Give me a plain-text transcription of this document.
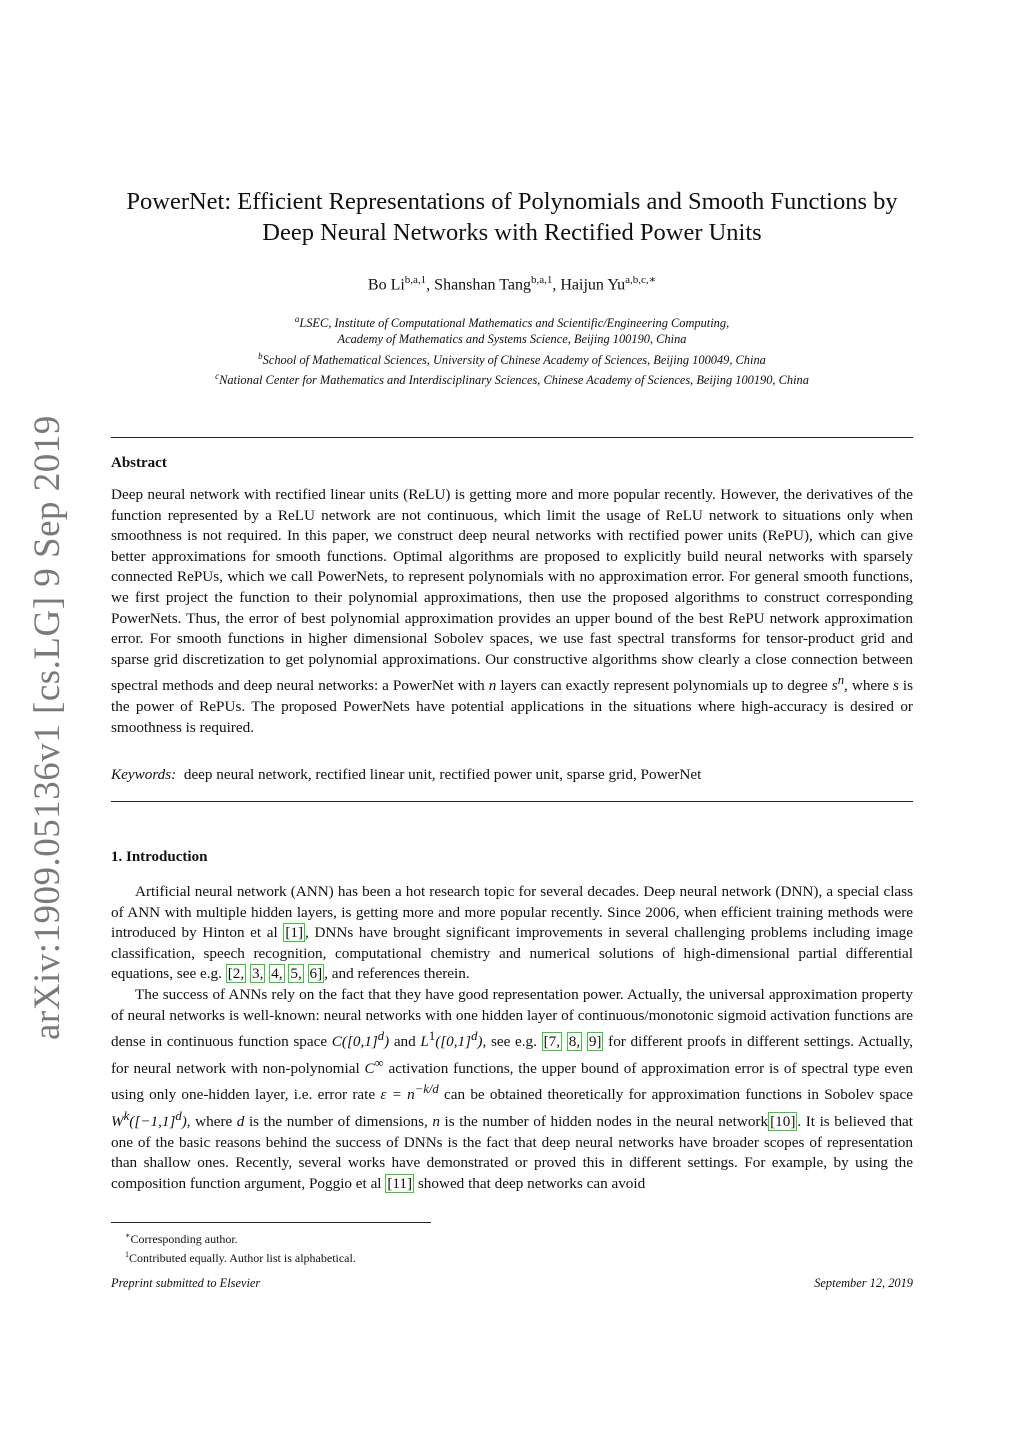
arXiv:1909.05136v1 [cs.LG] 9 Sep 2019
PowerNet: Efficient Representations of Polynomials and Smooth Functions by
Deep Neural Networks with Rectified Power Units
Bo Li$^{b,a,1}$, Shanshan Tang$^{b,a,1}$, Haijun $Yu^{a,b,c,∗}$
$^a$LSEC, Institute of Computational Mathematics and Scientific/Engineering Computing,
Academy of Mathematics and Systems Science, Beijing 100190, China
$^b$School of Mathematical Sciences, University of Chinese Academy of Sciences, Beijing 100049, China
$^c$National Center for Mathematics and Interdisciplinary Sciences, Chinese Academy of Sciences, Beijing 100190, China
Abstract

Deep neural network with rectified linear units (ReLU) is getting more and more popular recently. However, the derivatives of the function represented by a ReLU network are not continuous, which limit the usage of ReLU network to situations only when smoothness is not required. In this paper, we construct deep neural networks with rectified power units (RePU), which can give better approximations for smooth functions. Optimal algorithms are proposed to explicitly build neural networks with sparsely connected RePUs, which we call PowerNets, to represent polynomials with no approximation error. For general smooth functions, we first project the function to their polynomial approximations, then use the proposed algorithms to construct corresponding PowerNets. Thus, the error of best polynomial approximation provides an upper bound of the best RePU network approximation error. For smooth functions in higher dimensional Sobolev spaces, we use fast spectral transforms for tensor-product grid and sparse grid discretization to get polynomial approximations. Our constructive algorithms show clearly a close connection between spectral methods and deep neural networks: a PowerNet with n layers can exactly represent polynomials up to degree $s^n$, where s is the power of RePUs. The proposed PowerNets have potential applications in the situations where high-accuracy is desired or smoothness is required.

Keywords: deep neural network, rectified linear unit, rectified power unit, sparse grid, PowerNet

1. Introduction

Artificial neural network (ANN) has been a hot research topic for several decades. Deep neural network (DNN), a special class of ANN with multiple hidden layers, is getting more and more popular recently. Since 2006, when efficient training methods were introduced by Hinton et al [1] , DNNs have brought significant improvements in several challenging problems including image classification, speech recognition, computational chemistry and numerical solutions of high-dimensional partial differential equations, see e.g. [2, 3, 4, 5, 6] , and references therein.

The success of ANNs rely on the fact that they have good representation power. Actually, the universal approximation property of neural networks is well-known: neural networks with one hidden layer of continuous/monotonic sigmoid activation functions are dense in continuous function space $C([0,1]^d)$ and $L^1([0,1]^d)$, see e.g. [7, 8, 9] for different proofs in different settings. Actually, for neural network with non-polynomial C∞ activation functions, the upper bound of approximation error is of spectral type even using only one-hidden layer, i.e. error rate $\varepsilon = n^{-k/d}$ can be obtained theoretically for approximation functions in Sobolev space $W^k([-1,1]^d)$, where d is the number of dimensions, n is the number of hidden nodes in the neural network [10] . It is believed that one of the basic reasons behind the success of DNNs is the fact that deep neural networks have broader scopes of representation than shallow ones. Recently, several works have demonstrated or proved this in different settings. For example, by using the composition function argument, Poggio et al [11] showed that deep networks can avoid

∗Corresponding author.
$^1$Contributed equally. Author list is alphabetical.
Preprint submitted to Elsevier	September 12, 2019
